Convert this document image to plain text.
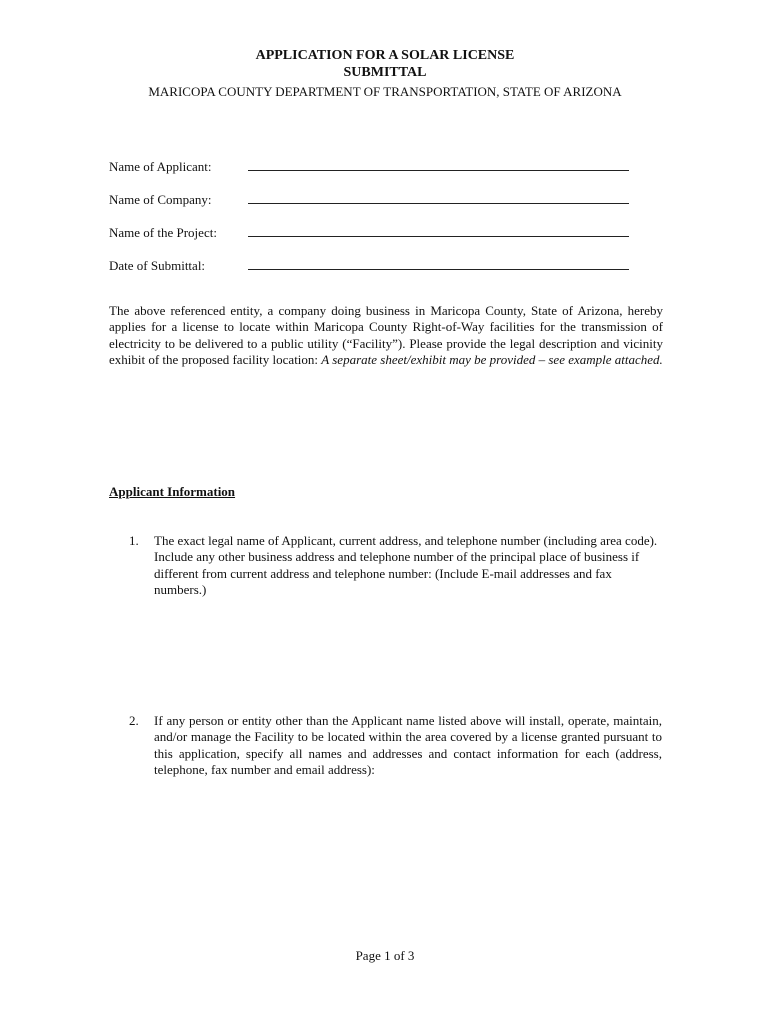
APPLICATION FOR A SOLAR LICENSE
SUBMITTAL
MARICOPA COUNTY DEPARTMENT OF TRANSPORTATION, STATE OF ARIZONA
Name of Applicant:
Name of Company:
Name of the Project:
Date of Submittal:
The above referenced entity, a company doing business in Maricopa County, State of Arizona, hereby applies for a license to locate within Maricopa County Right-of-Way facilities for the transmission of electricity to be delivered to a public utility (“Facility”). Please provide the legal description and vicinity exhibit of the proposed facility location: A separate sheet/exhibit may be provided – see example attached.
Applicant Information
1.	The exact legal name of Applicant, current address, and telephone number (including area code). Include any other business address and telephone number of the principal place of business if different from current address and telephone number: (Include E-mail addresses and fax numbers.)
2.	If any person or entity other than the Applicant name listed above will install, operate, maintain, and/or manage the Facility to be located within the area covered by a license granted pursuant to this application, specify all names and addresses and contact information for each (address, telephone, fax number and email address):
Page 1 of 3
